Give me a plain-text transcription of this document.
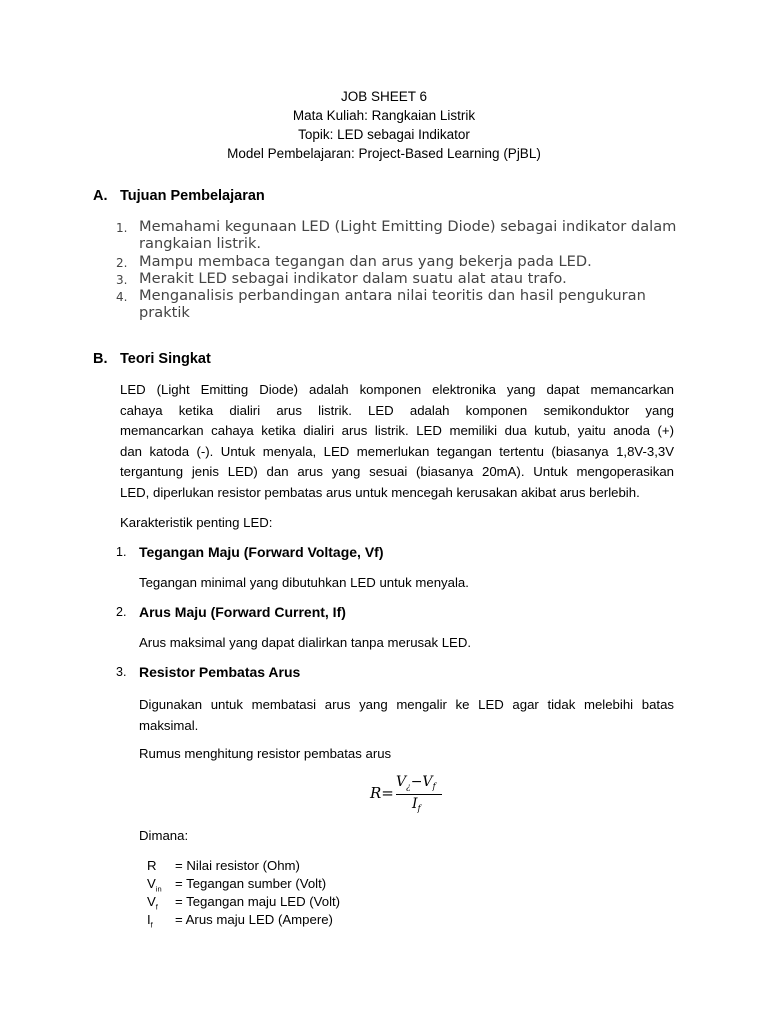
JOB SHEET 6
Mata Kuliah: Rangkaian Listrik
Topik: LED sebagai Indikator
Model Pembelajaran: Project-Based Learning (PjBL)
A. Tujuan Pembelajaran
1. Memahami kegunaan LED (Light Emitting Diode) sebagai indikator dalam rangkaian listrik.
2. Mampu membaca tegangan dan arus yang bekerja pada LED.
3. Merakit LED sebagai indikator dalam suatu alat atau trafo.
4. Menganalisis perbandingan antara nilai teoritis dan hasil pengukuran praktik
B. Teori Singkat
LED (Light Emitting Diode) adalah komponen elektronika yang dapat memancarkan
cahaya ketika dialiri arus listrik. LED adalah komponen semikonduktor yang
memancarkan cahaya ketika dialiri arus listrik. LED memiliki dua kutub, yaitu anoda (+)
dan katoda (-). Untuk menyala, LED memerlukan tegangan tertentu (biasanya 1,8V-3,3V
tergantung jenis LED) dan arus yang sesuai (biasanya 20mA). Untuk mengoperasikan
LED, diperlukan resistor pembatas arus untuk mencegah kerusakan akibat arus berlebih.
Karakteristik penting LED:
1. Tegangan Maju (Forward Voltage, Vf)
Tegangan minimal yang dibutuhkan LED untuk menyala.
2. Arus Maju (Forward Current, If)
Arus maksimal yang dapat dialirkan tanpa merusak LED.
3. Resistor Pembatas Arus
Digunakan untuk membatasi arus yang mengalir ke LED agar tidak melebihi batas
maksimal.
Rumus menghitung resistor pembatas arus
R=
$V_¿-V_f$
$I_f$
Dimana:
R = Nilai resistor (Ohm)
$V_{in}$ = Tegangan sumber (Volt)
$V_f$ = Tegangan maju LED (Volt)
$I_f$ = Arus maju LED (Ampere)
